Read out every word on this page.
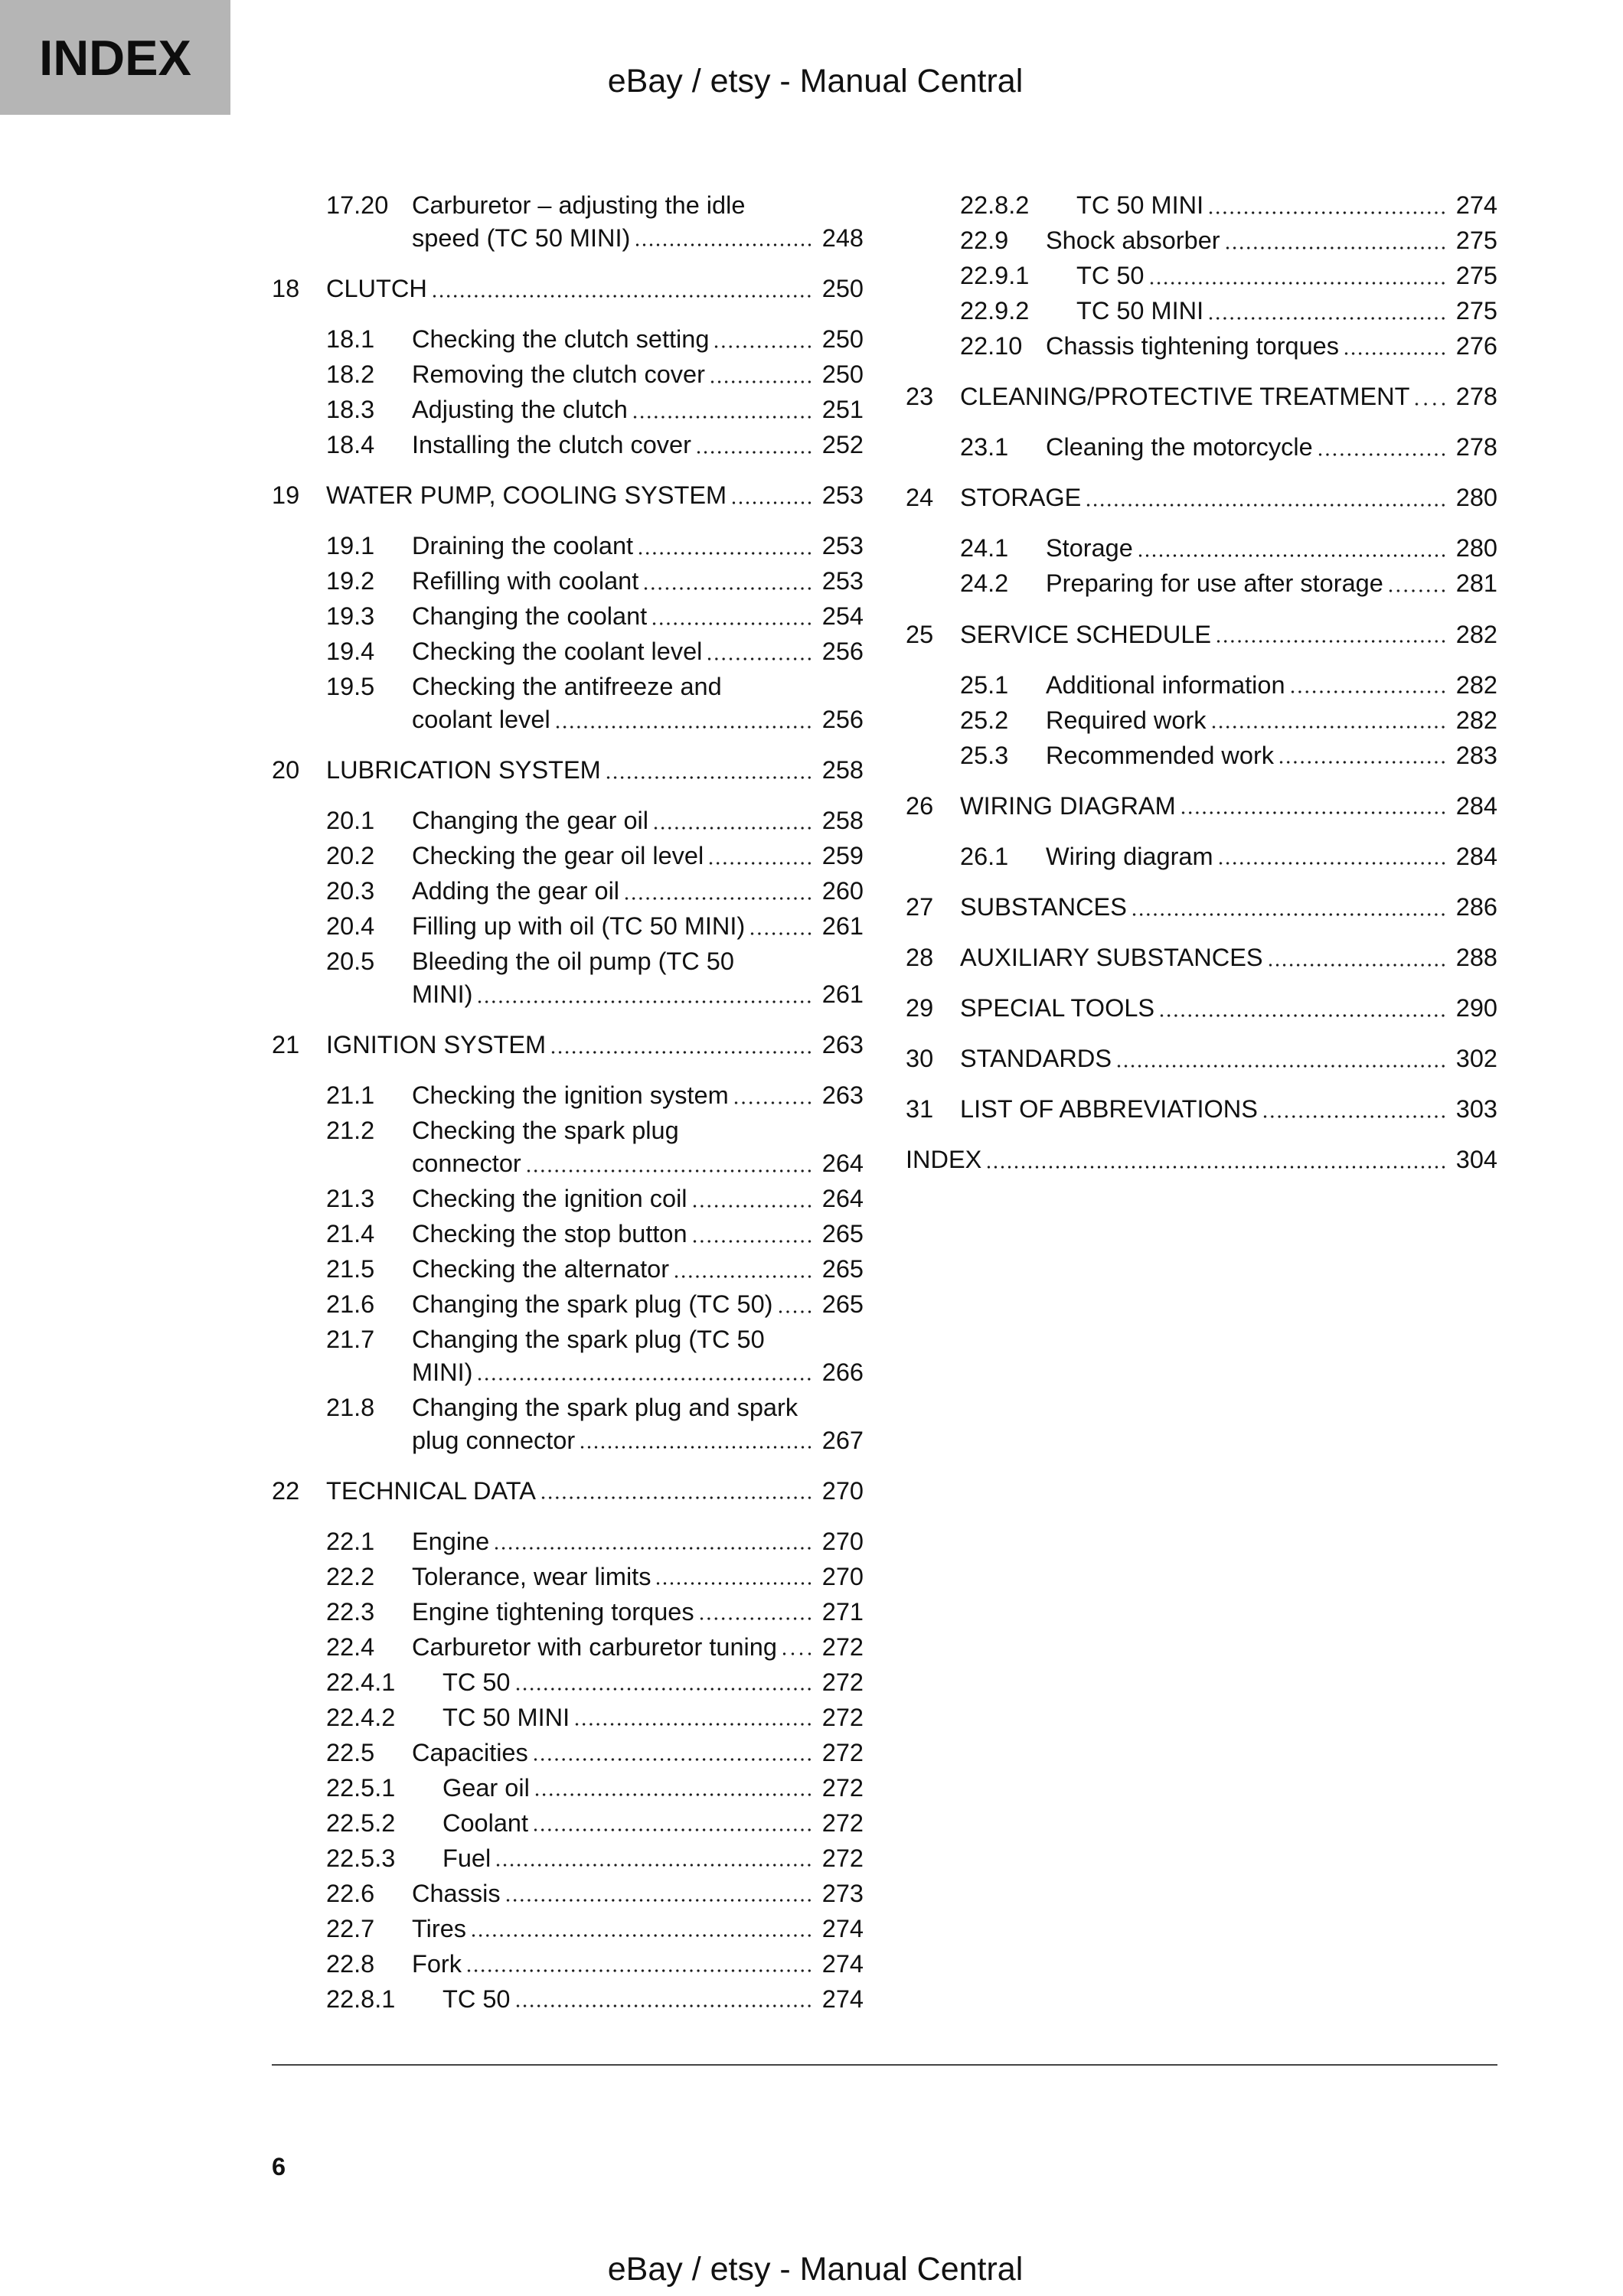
INDEX	eBay / etsy - Manual Central
17.20 Carburetor – adjusting the idle
speed (TC 50 MINI)	248
18 CLUTCH	250
18.1 Checking the clutch setting	250
18.2 Removing the clutch cover	250
18.3 Adjusting the clutch	251
18.4 Installing the clutch cover	252
19 WATER PUMP, COOLING SYSTEM	253
19.1 Draining the coolant	253
19.2 Refilling with coolant	253
19.3 Changing the coolant	254
19.4 Checking the coolant level	256
19.5 Checking the antifreeze and
coolant level	256
20 LUBRICATION SYSTEM	258
20.1 Changing the gear oil	258
20.2 Checking the gear oil level	259
20.3 Adding the gear oil	260
20.4 Filling up with oil (TC 50 MINI)	261
20.5 Bleeding the oil pump (TC 50
MINI)	261
21 IGNITION SYSTEM	263
21.1 Checking the ignition system	263
21.2 Checking the spark plug
connector	264
21.3 Checking the ignition coil	264
21.4 Checking the stop button	265
21.5 Checking the alternator	265
21.6 Changing the spark plug (TC 50) 265
21.7 Changing the spark plug (TC 50
MINI)	266
21.8 Changing the spark plug and spark
plug connector	267
22 TECHNICAL DATA	270
22.1 Engine	270
22.2 Tolerance, wear limits	270
22.3 Engine tightening torques	271
22.4 Carburetor with carburetor tuning 272
22.4.1 TC 50	272
22.4.2 TC 50 MINI	272
22.5 Capacities	272
22.5.1 Gear oil	272
22.5.2 Coolant	272
22.5.3 Fuel	272
22.6 Chassis	273
22.7 Tires	274
22.8 Fork	274
22.8.1 TC 50	274
22.8.2 TC 50 MINI	274
22.9 Shock absorber	275
22.9.1 TC 50	275
22.9.2 TC 50 MINI	275
22.10 Chassis tightening torques	276
23 CLEANING/PROTECTIVE TREATMENT 278
23.1 Cleaning the motorcycle	278
24 STORAGE	280
24.1 Storage	280
24.2 Preparing for use after storage	281
25 SERVICE SCHEDULE	282
25.1 Additional information	282
25.2 Required work	282
25.3 Recommended work	283
26 WIRING DIAGRAM	284
26.1 Wiring diagram	284
27 SUBSTANCES	286
28 AUXILIARY SUBSTANCES	288
29 SPECIAL TOOLS	290
30 STANDARDS	302
31 LIST OF ABBREVIATIONS	303
INDEX	304
6
eBay / etsy - Manual Central
